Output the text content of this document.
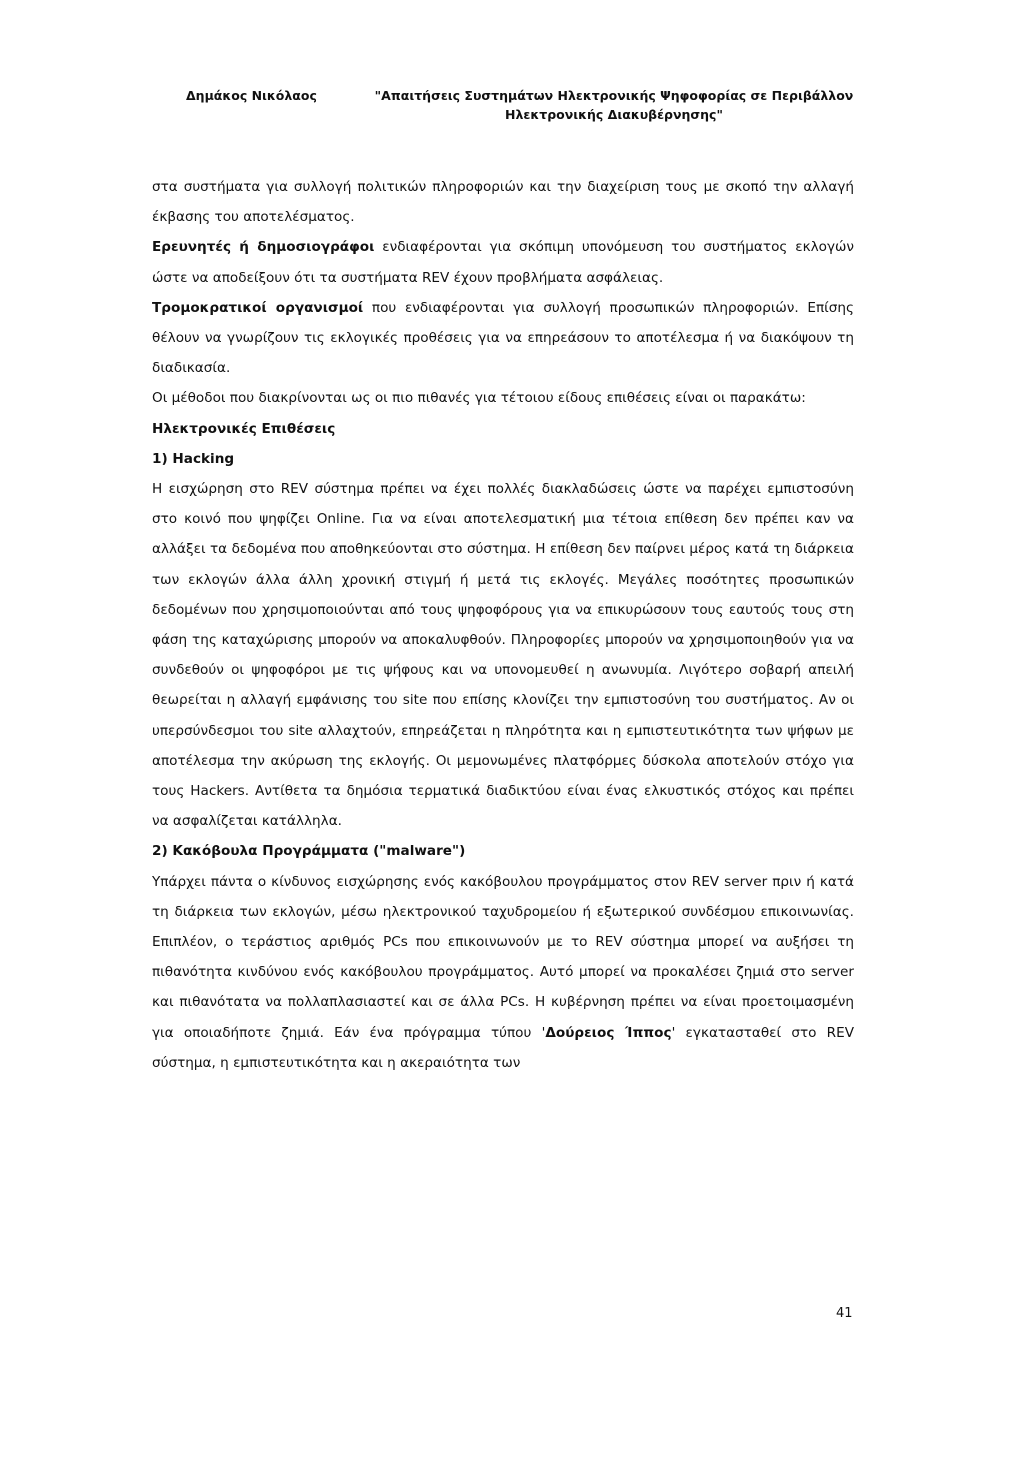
Δημάκος Νικόλαος	"Απαιτήσεις Συστημάτων Ηλεκτρονικής Ψηφοφορίας σε Περιβάλλον Ηλεκτρονικής Διακυβέρνησης"

στα συστήματα για συλλογή πολιτικών πληροφοριών και την διαχείριση τους με σκοπό την αλλαγή έκβασης του αποτελέσματος.

Ερευνητές ή δημοσιογράφοι ενδιαφέρονται για σκόπιμη υπονόμευση του συστήματος εκλογών ώστε να αποδείξουν ότι τα συστήματα REV έχουν προβλήματα ασφάλειας.

Τρομοκρατικοί οργανισμοί που ενδιαφέρονται για συλλογή προσωπικών πληροφοριών. Επίσης θέλουν να γνωρίζουν τις εκλογικές προθέσεις για να επηρεάσουν το αποτέλεσμα ή να διακόψουν τη διαδικασία.

Οι μέθοδοι που διακρίνονται ως οι πιο πιθανές για τέτοιου είδους επιθέσεις είναι οι παρακάτω:

Ηλεκτρονικές Επιθέσεις

1) Hacking

Η εισχώρηση στο REV σύστημα πρέπει να έχει πολλές διακλαδώσεις ώστε να παρέχει εμπιστοσύνη στο κοινό που ψηφίζει Online. Για να είναι αποτελεσματική μια τέτοια επίθεση δεν πρέπει καν να αλλάξει τα δεδομένα που αποθηκεύονται στο σύστημα. Η επίθεση δεν παίρνει μέρος κατά τη διάρκεια των εκλογών άλλα άλλη χρονική στιγμή ή μετά τις εκλογές. Μεγάλες ποσότητες προσωπικών δεδομένων που χρησιμοποιούνται από τους ψηφοφόρους για να επικυρώσουν τους εαυτούς τους στη φάση της καταχώρισης μπορούν να αποκαλυφθούν. Πληροφορίες μπορούν να χρησιμοποιηθούν για να συνδεθούν οι ψηφοφόροι με τις ψήφους και να υπονομευθεί η ανωνυμία. Λιγότερο σοβαρή απειλή θεωρείται η αλλαγή εμφάνισης του site που επίσης κλονίζει την εμπιστοσύνη του συστήματος. Αν οι υπερσύνδεσμοι του site αλλαχτούν, επηρεάζεται η πληρότητα και η εμπιστευτικότητα των ψήφων με αποτέλεσμα την ακύρωση της εκλογής. Οι μεμονωμένες πλατφόρμες δύσκολα αποτελούν στόχο για τους Hackers. Αντίθετα τα δημόσια τερματικά διαδικτύου είναι ένας ελκυστικός στόχος και πρέπει να ασφαλίζεται κατάλληλα.

2) Κακόβουλα Προγράμματα ("malware")

Υπάρχει πάντα ο κίνδυνος εισχώρησης ενός κακόβουλου προγράμματος στον REV server πριν ή κατά τη διάρκεια των εκλογών, μέσω ηλεκτρονικού ταχυδρομείου ή εξωτερικού συνδέσμου επικοινωνίας. Επιπλέον, ο τεράστιος αριθμός PCs που επικοινωνούν με το REV σύστημα μπορεί να αυξήσει τη πιθανότητα κινδύνου ενός κακόβουλου προγράμματος. Αυτό μπορεί να προκαλέσει ζημιά στο server και πιθανότατα να πολλαπλασιαστεί και σε άλλα PCs. Η κυβέρνηση πρέπει να είναι προετοιμασμένη για οποιαδήποτε ζημιά. Εάν ένα πρόγραμμα τύπου 'Δούρειος Ίππος' εγκατασταθεί στο REV σύστημα, η εμπιστευτικότητα και η ακεραιότητα των

41
